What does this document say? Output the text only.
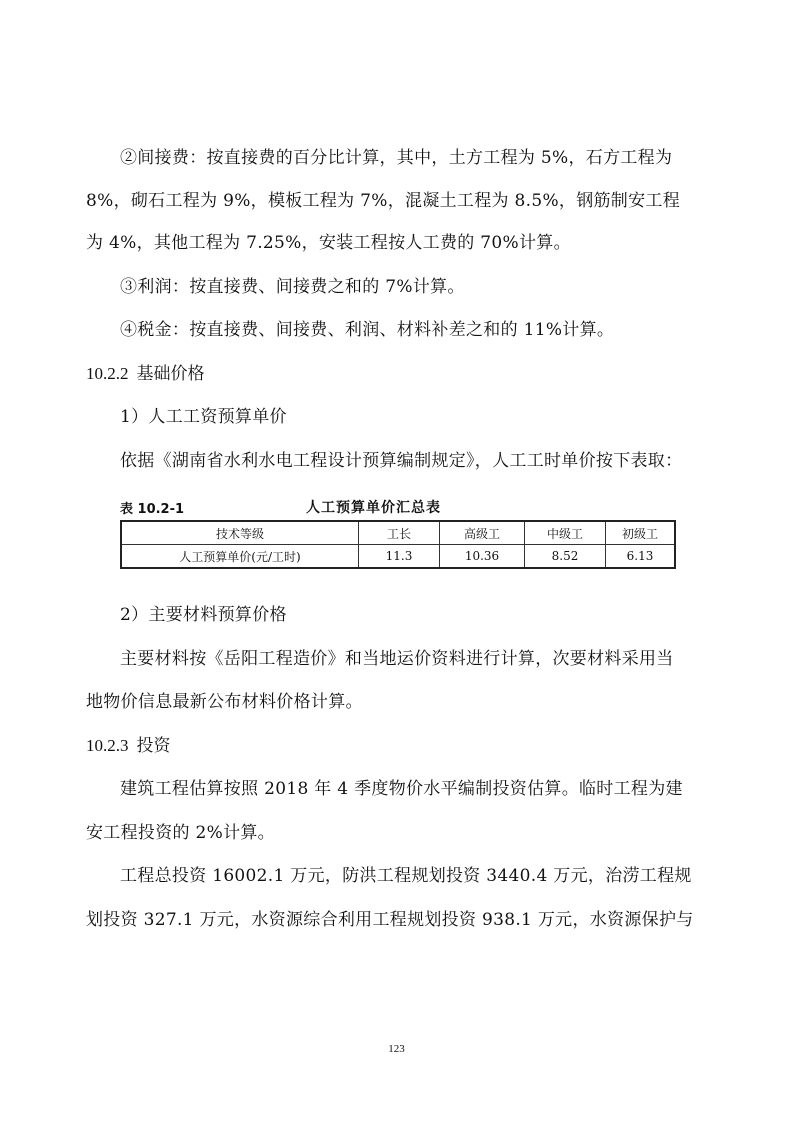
②间接费：按直接费的百分比计算，其中，土方工程为 5%，石方工程为
8%，砌石工程为 9%，模板工程为 7%，混凝土工程为 8.5%，钢筋制安工程
为 4%，其他工程为 7.25%，安装工程按人工费的 70%计算。
③利润：按直接费、间接费之和的 7%计算。
④税金：按直接费、间接费、利润、材料补差之和的 11%计算。
10.2.2 基础价格
1）人工工资预算单价
依据《湖南省水利水电工程设计预算编制规定》，人工工时单价按下表取：
表 10.2-1	人工预算单价汇总表
技术等级	工长	高级工	中级工	初级工
人工预算单价(元/工时)	11.3	10.36	8.52	6.13
2）主要材料预算价格
主要材料按《岳阳工程造价》和当地运价资料进行计算，次要材料采用当
地物价信息最新公布材料价格计算。
10.2.3 投资
建筑工程估算按照 2018 年 4 季度物价水平编制投资估算。临时工程为建
安工程投资的 2%计算。
工程总投资 16002.1 万元，防洪工程规划投资 3440.4 万元，治涝工程规
划投资 327.1 万元，水资源综合利用工程规划投资 938.1 万元，水资源保护与
123
